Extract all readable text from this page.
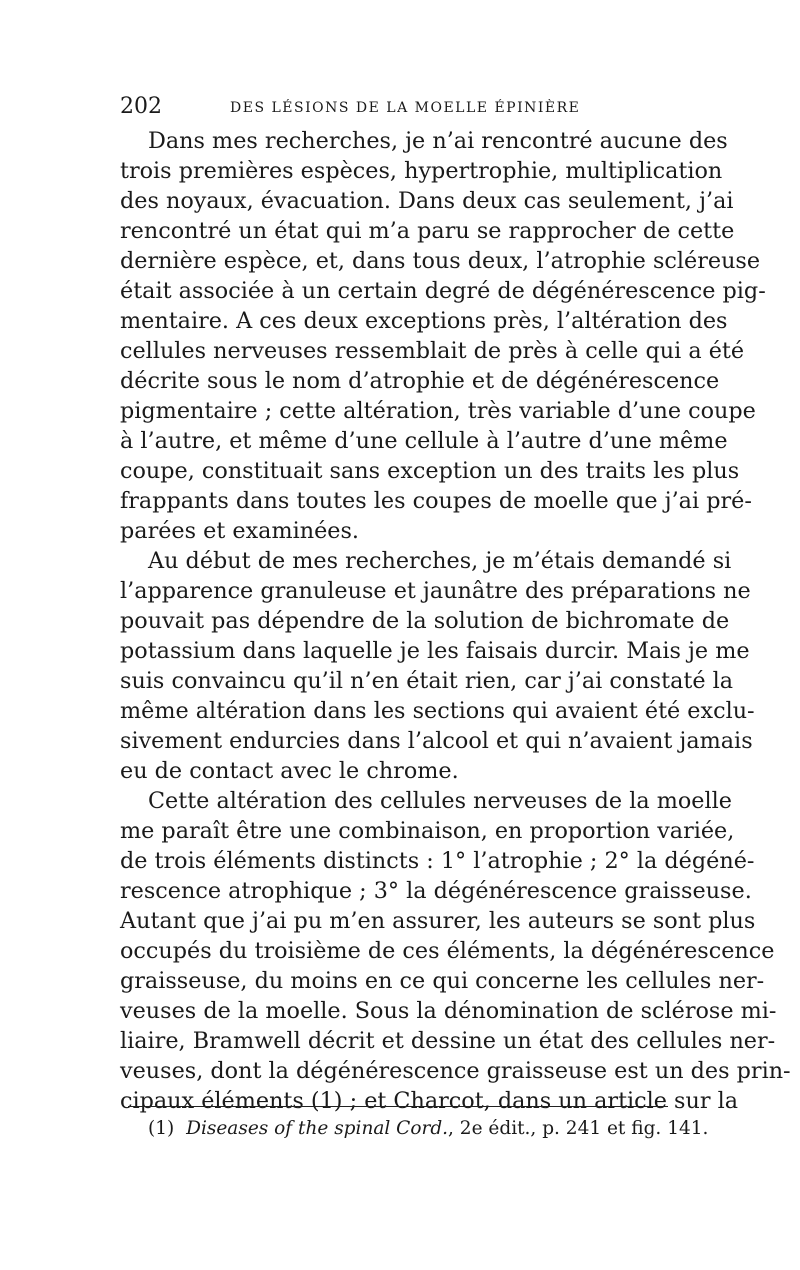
202	DES LÉSIONS DE LA MOELLE ÉPINIÈRE
Dans mes recherches, je n’ai rencontré aucune des
trois premières espèces, hypertrophie, multiplication
des noyaux, évacuation. Dans deux cas seulement, j’ai
rencontré un état qui m’a paru se rapprocher de cette
dernière espèce, et, dans tous deux, l’atrophie scléreuse
était associée à un certain degré de dégénérescence pig-
mentaire. A ces deux exceptions près, l’altération des
cellules nerveuses ressemblait de près à celle qui a été
décrite sous le nom d’atrophie et de dégénérescence
pigmentaire ; cette altération, très variable d’une coupe
à l’autre, et même d’une cellule à l’autre d’une même
coupe, constituait sans exception un des traits les plus
frappants dans toutes les coupes de moelle que j’ai pré-
parées et examinées.
Au début de mes recherches, je m’étais demandé si
l’apparence granuleuse et jaunâtre des préparations ne
pouvait pas dépendre de la solution de bichromate de
potassium dans laquelle je les faisais durcir. Mais je me
suis convaincu qu’il n’en était rien, car j’ai constaté la
même altération dans les sections qui avaient été exclu-
sivement endurcies dans l’alcool et qui n’avaient jamais
eu de contact avec le chrome.
Cette altération des cellules nerveuses de la moelle
me paraît être une combinaison, en proportion variée,
de trois éléments distincts : 1° l’atrophie ; 2° la dégéné-
rescence atrophique ; 3° la dégénérescence graisseuse.
Autant que j’ai pu m’en assurer, les auteurs se sont plus
occupés du troisième de ces éléments, la dégénérescence
graisseuse, du moins en ce qui concerne les cellules ner-
veuses de la moelle. Sous la dénomination de sclérose mi-
liaire, Bramwell décrit et dessine un état des cellules ner-
veuses, dont la dégénérescence graisseuse est un des prin-
cipaux éléments (1) ; et Charcot, dans un article sur la
(1) Diseases of the spinal Cord., 2e édit., p. 241 et fig. 141.
